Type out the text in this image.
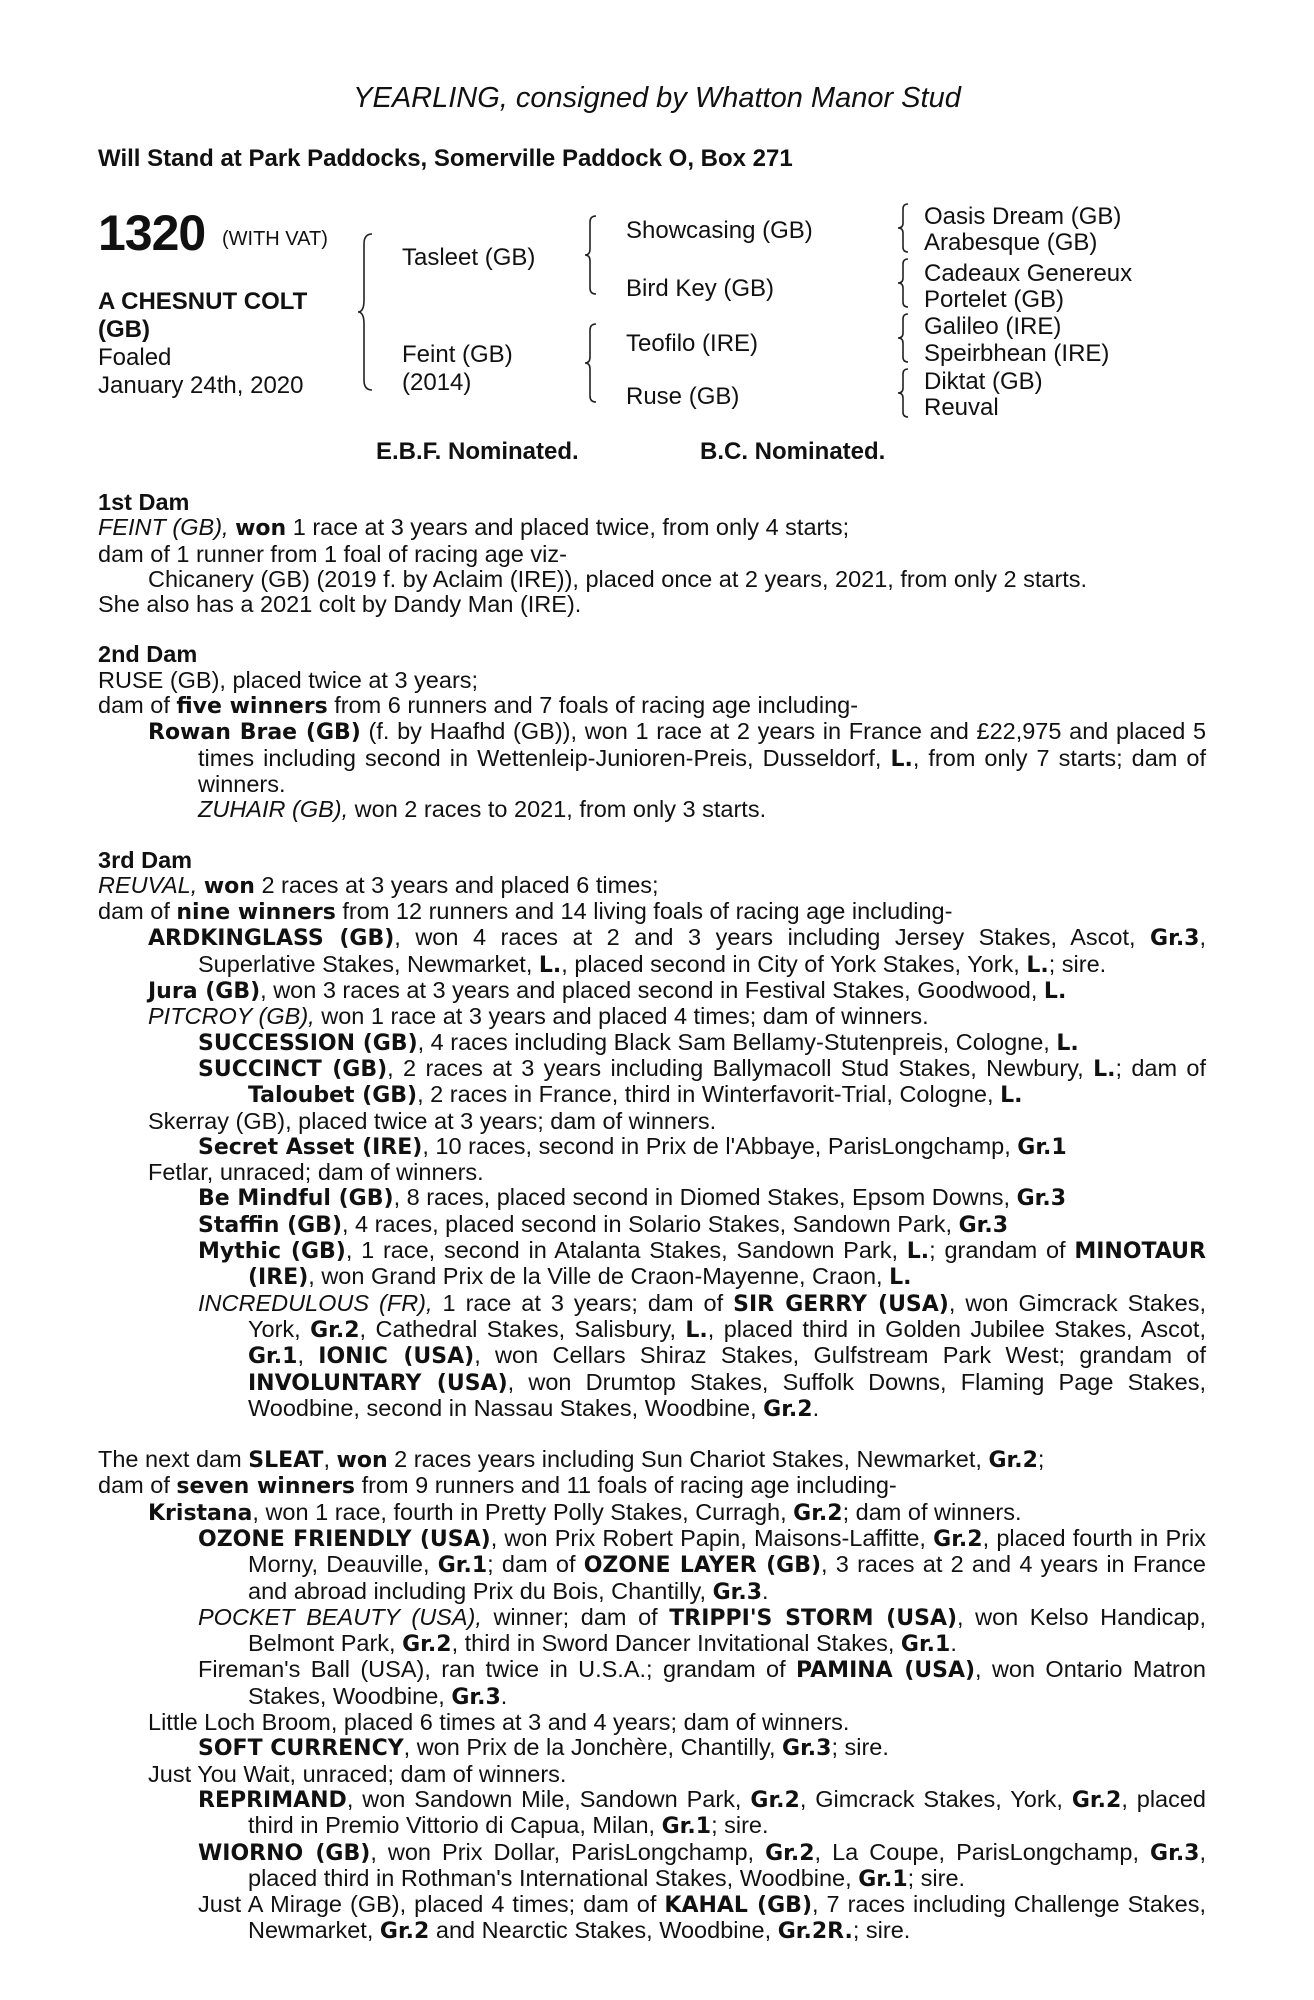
YEARLING, consigned by Whatton Manor Stud
Will Stand at Park Paddocks, Somerville Paddock O, Box 271
1320 (WITH VAT)
A CHESNUT COLT
(GB)
Foaled
January 24th, 2020
Tasleet (GB)
Feint (GB)
(2014)
Showcasing (GB)
Bird Key (GB)
Teofilo (IRE)
Ruse (GB)
Oasis Dream (GB)
Arabesque (GB)
Cadeaux Genereux
Portelet (GB)
Galileo (IRE)
Speirbhean (IRE)
Diktat (GB)
Reuval
E.B.F. Nominated.	B.C. Nominated.

1st Dam

FEINT (GB), won 1 race at 3 years and placed twice, from only 4 starts;

dam of 1 runner from 1 foal of racing age viz-

Chicanery (GB) (2019 f. by Aclaim (IRE)), placed once at 2 years, 2021, from only 2 starts.

She also has a 2021 colt by Dandy Man (IRE).

2nd Dam

RUSE (GB), placed twice at 3 years;

dam of five winners from 6 runners and 7 foals of racing age including-

Rowan Brae (GB) (f. by Haafhd (GB)), won 1 race at 2 years in France and £22,975 and placed 5 times including second in Wettenleip-Junioren-Preis, Dusseldorf, L., from only 7 starts; dam of winners.

ZUHAIR (GB), won 2 races to 2021, from only 3 starts.

3rd Dam

REUVAL, won 2 races at 3 years and placed 6 times;

dam of nine winners from 12 runners and 14 living foals of racing age including-

ARDKINGLASS (GB), won 4 races at 2 and 3 years including Jersey Stakes, Ascot, Gr.3, Superlative Stakes, Newmarket, L., placed second in City of York Stakes, York, L.; sire.

Jura (GB), won 3 races at 3 years and placed second in Festival Stakes, Goodwood, L.

PITCROY (GB), won 1 race at 3 years and placed 4 times; dam of winners.

SUCCESSION (GB), 4 races including Black Sam Bellamy-Stutenpreis, Cologne, L.

SUCCINCT (GB), 2 races at 3 years including Ballymacoll Stud Stakes, Newbury, L.; dam of Taloubet (GB), 2 races in France, third in Winterfavorit-Trial, Cologne, L.

Skerray (GB), placed twice at 3 years; dam of winners.

Secret Asset (IRE), 10 races, second in Prix de l'Abbaye, ParisLongchamp, Gr.1

Fetlar, unraced; dam of winners.

Be Mindful (GB), 8 races, placed second in Diomed Stakes, Epsom Downs, Gr.3

Staffin (GB), 4 races, placed second in Solario Stakes, Sandown Park, Gr.3

Mythic (GB), 1 race, second in Atalanta Stakes, Sandown Park, L.; grandam of MINOTAUR (IRE), won Grand Prix de la Ville de Craon-Mayenne, Craon, L.

INCREDULOUS (FR), 1 race at 3 years; dam of SIR GERRY (USA), won Gimcrack Stakes, York, Gr.2, Cathedral Stakes, Salisbury, L., placed third in Golden Jubilee Stakes, Ascot, Gr.1, IONIC (USA), won Cellars Shiraz Stakes, Gulfstream Park West; grandam of INVOLUNTARY (USA), won Drumtop Stakes, Suffolk Downs, Flaming Page Stakes, Woodbine, second in Nassau Stakes, Woodbine, Gr.2.

The next dam SLEAT, won 2 races years including Sun Chariot Stakes, Newmarket, Gr.2;

dam of seven winners from 9 runners and 11 foals of racing age including-

Kristana, won 1 race, fourth in Pretty Polly Stakes, Curragh, Gr.2; dam of winners.

OZONE FRIENDLY (USA), won Prix Robert Papin, Maisons-Laffitte, Gr.2, placed fourth in Prix Morny, Deauville, Gr.1; dam of OZONE LAYER (GB), 3 races at 2 and 4 years in France and abroad including Prix du Bois, Chantilly, Gr.3.

POCKET BEAUTY (USA), winner; dam of TRIPPI'S STORM (USA), won Kelso Handicap, Belmont Park, Gr.2, third in Sword Dancer Invitational Stakes, Gr.1.

Fireman's Ball (USA), ran twice in U.S.A.; grandam of PAMINA (USA), won Ontario Matron Stakes, Woodbine, Gr.3.

Little Loch Broom, placed 6 times at 3 and 4 years; dam of winners.

SOFT CURRENCY, won Prix de la Jonchère, Chantilly, Gr.3; sire.

Just You Wait, unraced; dam of winners.

REPRIMAND, won Sandown Mile, Sandown Park, Gr.2, Gimcrack Stakes, York, Gr.2, placed third in Premio Vittorio di Capua, Milan, Gr.1; sire.

WIORNO (GB), won Prix Dollar, ParisLongchamp, Gr.2, La Coupe, ParisLongchamp, Gr.3, placed third in Rothman's International Stakes, Woodbine, Gr.1; sire.

Just A Mirage (GB), placed 4 times; dam of KAHAL (GB), 7 races including Challenge Stakes, Newmarket, Gr.2 and Nearctic Stakes, Woodbine, Gr.2R.; sire.
